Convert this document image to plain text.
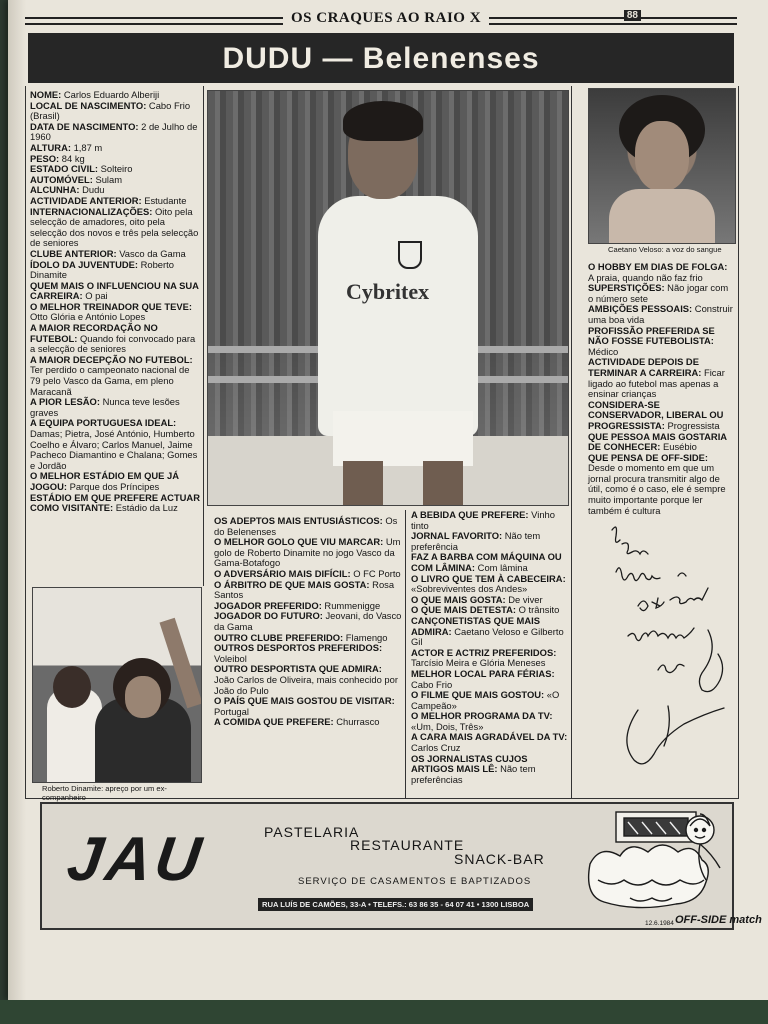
OS CRAQUES AO RAIO X	88
DUDU — Belenenses

NOME: Carlos Eduardo Alberiji

LOCAL DE NASCIMENTO: Cabo Frio (Brasil)

DATA DE NASCIMENTO: 2 de Julho de 1960

ALTURA: 1,87 m

PESO: 84 kg

ESTADO CIVIL: Solteiro

AUTOMÓVEL: Sulam

ALCUNHA: Dudu

ACTIVIDADE ANTERIOR: Estudante

INTERNACIONALIZAÇÕES: Oito pela selecção de amadores, oito pela selecção dos novos e três pela selecção de seniores

CLUBE ANTERIOR: Vasco da Gama

ÍDOLO DA JUVENTUDE: Roberto Dinamite

QUEM MAIS O INFLUENCIOU NA SUA CARREIRA: O pai

O MELHOR TREINADOR QUE TEVE: Otto Glória e António Lopes

A MAIOR RECORDAÇÃO NO FUTEBOL: Quando foi convocado para a selecção de seniores

A MAIOR DECEPÇÃO NO FUTEBOL: Ter perdido o campeonato nacional de 79 pelo Vasco da Gama, em pleno Maracanã

A PIOR LESÃO: Nunca teve lesões graves

A EQUIPA PORTUGUESA IDEAL: Damas; Pietra, José António, Humberto Coelho e Álvaro; Carlos Manuel, Jaime Pacheco Diamantino e Chalana; Gomes e Jordão

O MELHOR ESTÁDIO EM QUE JÁ JOGOU: Parque dos Príncipes

ESTÁDIO EM QUE PREFERE ACTUAR COMO VISITANTE: Estádio da Luz

Cybritex
Caetano Veloso: a voz do sangue

O HOBBY EM DIAS DE FOLGA: A praia, quando não faz frio

SUPERSTIÇÕES: Não jogar com o número sete

AMBIÇÕES PESSOAIS: Construir uma boa vida

PROFISSÃO PREFERIDA SE NÃO FOSSE FUTEBOLISTA: Médico

ACTIVIDADE DEPOIS DE TERMINAR A CARREIRA: Ficar ligado ao futebol mas apenas a ensinar crianças

CONSIDERA-SE CONSERVADOR, LIBERAL OU PROGRESSISTA: Progressista

QUE PESSOA MAIS GOSTARIA DE CONHECER: Eusébio

QUE PENSA DE OFF-SIDE: Desde o momento em que um jornal procura transmitir algo de útil, como é o caso, ele é sempre muito importante porque ler também é cultura

OS ADEPTOS MAIS ENTUSIÁSTICOS: Os do Belenenses

O MELHOR GOLO QUE VIU MARCAR: Um golo de Roberto Dinamite no jogo Vasco da Gama-Botafogo

O ADVERSÁRIO MAIS DIFÍCIL: O FC Porto

O ÁRBITRO DE QUE MAIS GOSTA: Rosa Santos

JOGADOR PREFERIDO: Rummenigge

JOGADOR DO FUTURO: Jeovani, do Vasco da Gama

OUTRO CLUBE PREFERIDO: Flamengo

OUTROS DESPORTOS PREFERIDOS: Voleibol

OUTRO DESPORTISTA QUE ADMIRA: João Carlos de Oliveira, mais conhecido por João do Pulo

O PAÍS QUE MAIS GOSTOU DE VISITAR: Portugal

A COMIDA QUE PREFERE: Churrasco

A BEBIDA QUE PREFERE: Vinho tinto

JORNAL FAVORITO: Não tem preferência

FAZ A BARBA COM MÁQUINA OU COM LÂMINA: Com lâmina

O LIVRO QUE TEM À CABECEIRA: «Sobreviventes dos Andes»

O QUE MAIS GOSTA: De viver

O QUE MAIS DETESTA: O trânsito

CANÇONETISTAS QUE MAIS ADMIRA: Caetano Veloso e Gilberto Gil

ACTOR E ACTRIZ PREFERIDOS: Tarcísio Meira e Glória Meneses

MELHOR LOCAL PARA FÉRIAS: Cabo Frio

O FILME QUE MAIS GOSTOU: «O Campeão»

O MELHOR PROGRAMA DA TV: «Um, Dois, Três»

A CARA MAIS AGRADÁVEL DA TV: Carlos Cruz

OS JORNALISTAS CUJOS ARTIGOS MAIS LÊ: Não tem preferências

Roberto Dinamite: apreço por um ex-companheiro
JAU	PASTELARIA
RESTAURANTE
SNACK-BAR
SERVIÇO DE CASAMENTOS E BAPTIZADOS
RUA LUÍS DE CAMÕES, 33-A • TELEFS.: 63 86 35 - 64 07 41 • 1300 LISBOA
12.6.1984 OFF-SIDE match
